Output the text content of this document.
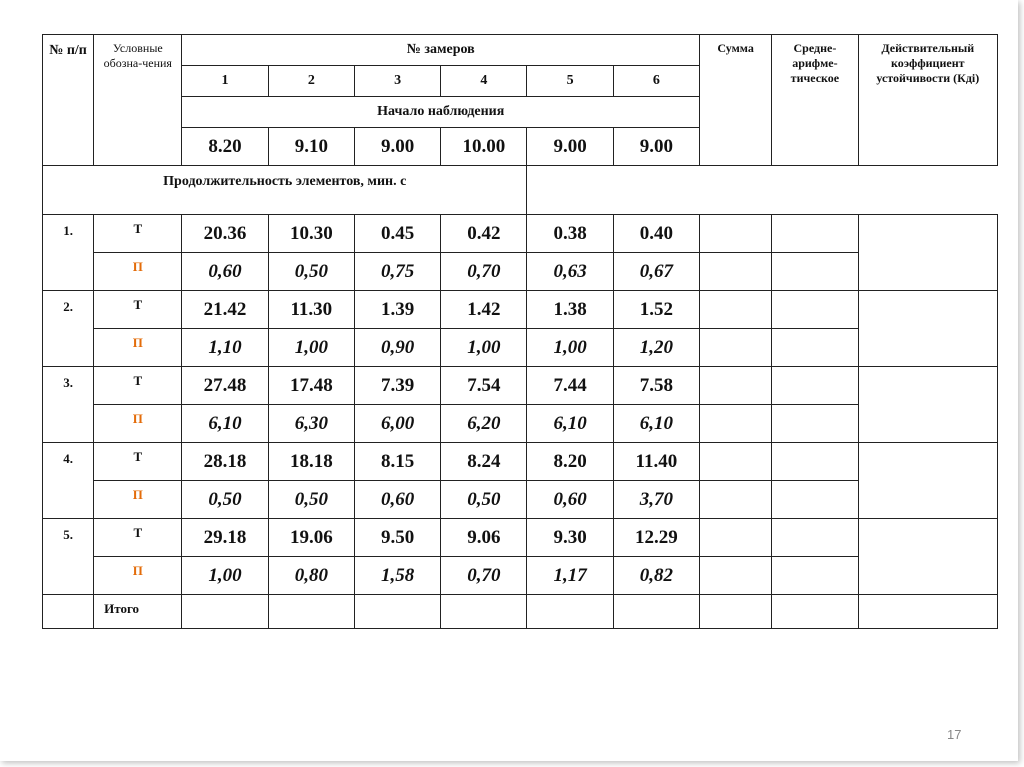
№ п/п	Условные обозна-чения	№ замеров						Сумма	Средне-арифме-тическое	Действительный коэффициент устойчивости (Кдi)
		1	2	3	4	5	6			
		Начало наблюдения								
		8.20	9.10	9.00	10.00	9.00	9.00			
Продолжительность элементов, мин. с										
1.	Т	20.36	10.30	0.45	0.42	0.38	0.40			
	П	0,60	0,50	0,75	0,70	0,63	0,67			
2.	Т	21.42	11.30	1.39	1.42	1.38	1.52			
	П	1,10	1,00	0,90	1,00	1,00	1,20			
3.	Т	27.48	17.48	7.39	7.54	7.44	7.58			
	П	6,10	6,30	6,00	6,20	6,10	6,10			
4.	Т	28.18	18.18	8.15	8.24	8.20	11.40			
	П	0,50	0,50	0,60	0,50	0,60	3,70			
5.	Т	29.18	19.06	9.50	9.06	9.30	12.29			
	П	1,00	0,80	1,58	0,70	1,17	0,82			
	Итого									
17
